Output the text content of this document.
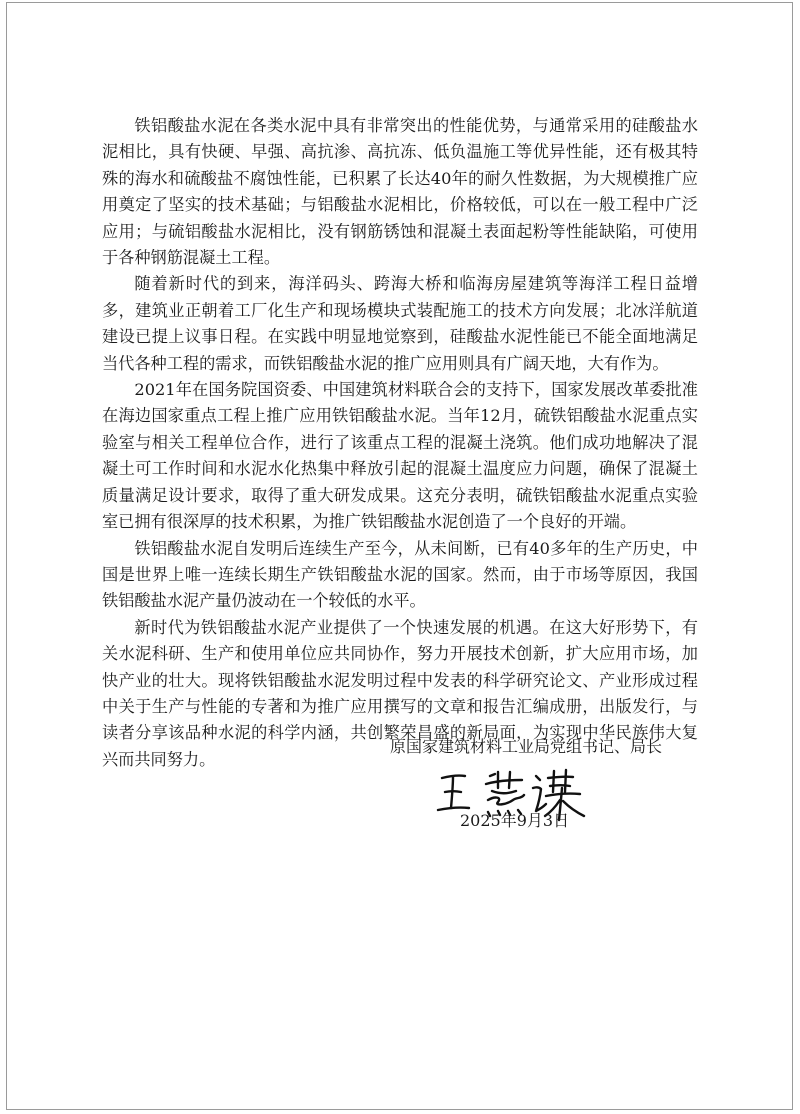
铁铝酸盐水泥在各类水泥中具有非常突出的性能优势，与通常采用的硅酸盐水泥相比，具有快硬、早强、高抗渗、高抗冻、低负温施工等优异性能，还有极其特殊的海水和硫酸盐不腐蚀性能，已积累了长达40年的耐久性数据，为大规模推广应用奠定了坚实的技术基础；与铝酸盐水泥相比，价格较低，可以在一般工程中广泛应用；与硫铝酸盐水泥相比，没有钢筋锈蚀和混凝土表面起粉等性能缺陷，可使用于各种钢筋混凝土工程。

随着新时代的到来，海洋码头、跨海大桥和临海房屋建筑等海洋工程日益增多，建筑业正朝着工厂化生产和现场模块式装配施工的技术方向发展；北冰洋航道建设已提上议事日程。在实践中明显地觉察到，硅酸盐水泥性能已不能全面地满足当代各种工程的需求，而铁铝酸盐水泥的推广应用则具有广阔天地，大有作为。

2021年在国务院国资委、中国建筑材料联合会的支持下，国家发展改革委批准在海边国家重点工程上推广应用铁铝酸盐水泥。当年12月，硫铁铝酸盐水泥重点实验室与相关工程单位合作，进行了该重点工程的混凝土浇筑。他们成功地解决了混凝土可工作时间和水泥水化热集中释放引起的混凝土温度应力问题，确保了混凝土质量满足设计要求，取得了重大研发成果。这充分表明，硫铁铝酸盐水泥重点实验室已拥有很深厚的技术积累，为推广铁铝酸盐水泥创造了一个良好的开端。

铁铝酸盐水泥自发明后连续生产至今，从未间断，已有40多年的生产历史，中国是世界上唯一连续长期生产铁铝酸盐水泥的国家。然而，由于市场等原因，我国铁铝酸盐水泥产量仍波动在一个较低的水平。

新时代为铁铝酸盐水泥产业提供了一个快速发展的机遇。在这大好形势下，有关水泥科研、生产和使用单位应共同协作，努力开展技术创新，扩大应用市场，加快产业的壮大。现将铁铝酸盐水泥发明过程中发表的科学研究论文、产业形成过程中关于生产与性能的专著和为推广应用撰写的文章和报告汇编成册，出版发行，与读者分享该品种水泥的科学内涵，共创繁荣昌盛的新局面，为实现中华民族伟大复兴而共同努力。

原国家建筑材料工业局党组书记、局长
2025年9月3日
